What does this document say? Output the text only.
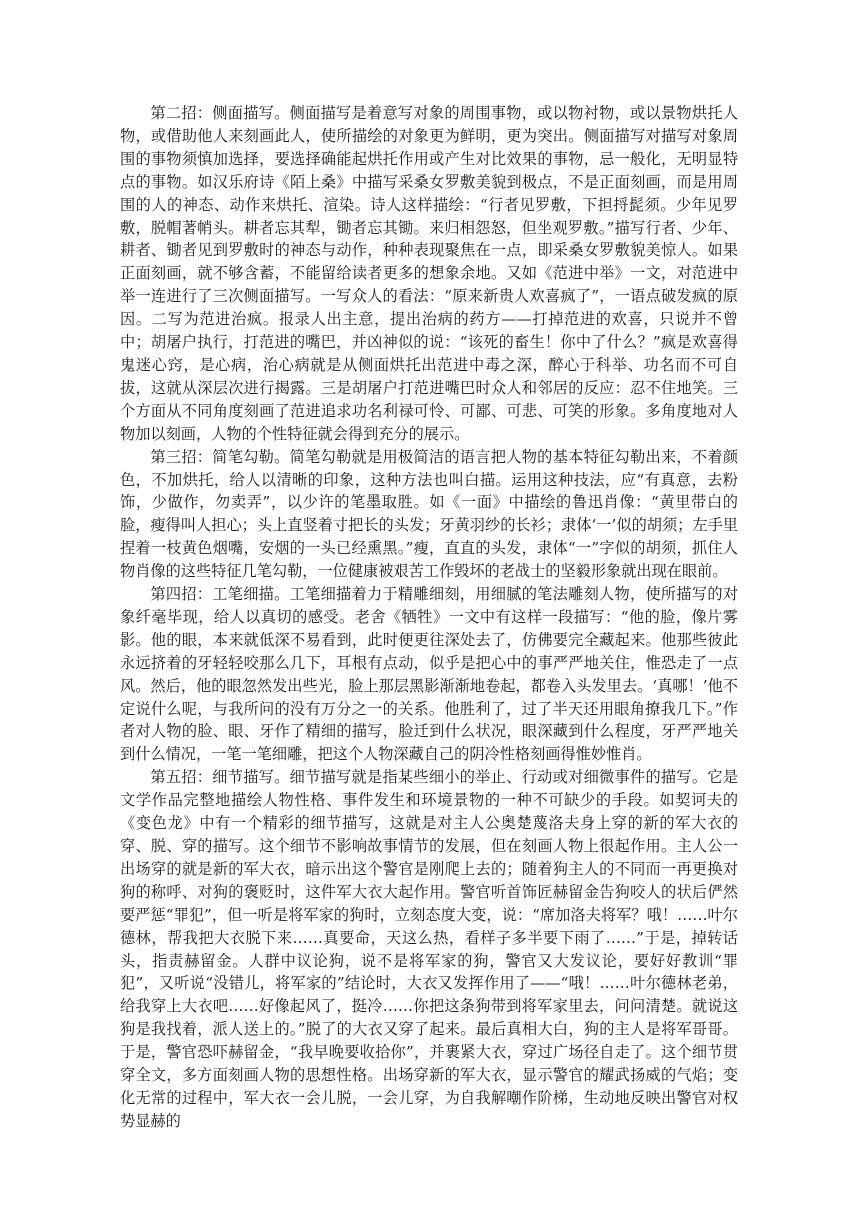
第二招：侧面描写。侧面描写是着意写对象的周围事物，或以物衬物，或以景物烘托人物，或借助他人来刻画此人，使所描绘的对象更为鲜明，更为突出。侧面描写对描写对象周围的事物须慎加选择，要选择确能起烘托作用或产生对比效果的事物，忌一般化，无明显特点的事物。如汉乐府诗《陌上桑》中描写采桑女罗敷美貌到极点，不是正面刻画，而是用周围的人的神态、动作来烘托、渲染。诗人这样描绘：“行者见罗敷，下担捋髭须。少年见罗敷，脱帽著帩头。耕者忘其犁，锄者忘其锄。来归相怨怒，但坐观罗敷。”描写行者、少年、耕者、锄者见到罗敷时的神态与动作，种种表现聚焦在一点，即采桑女罗敷貌美惊人。如果正面刻画，就不够含蓄，不能留给读者更多的想象余地。又如《范进中举》一文，对范进中举一连进行了三次侧面描写。一写众人的看法：“原来新贵人欢喜疯了”，一语点破发疯的原因。二写为范进治疯。报录人出主意，提出治病的药方——打掉范进的欢喜，只说并不曾中；胡屠户执行，打范进的嘴巴，并凶神似的说：“该死的畜生！你中了什么？”疯是欢喜得鬼迷心窍，是心病，治心病就是从侧面烘托出范进中毒之深，醉心于科举、功名而不可自拔，这就从深层次进行揭露。三是胡屠户打范进嘴巴时众人和邻居的反应：忍不住地笑。三个方面从不同角度刻画了范进追求功名利禄可怜、可鄙、可悲、可笑的形象。多角度地对人物加以刻画，人物的个性特征就会得到充分的展示。

第三招：简笔勾勒。简笔勾勒就是用极简洁的语言把人物的基本特征勾勒出来，不着颜色，不加烘托，给人以清晰的印象，这种方法也叫白描。运用这种技法，应“有真意，去粉饰，少做作，勿卖弄”，以少许的笔墨取胜。如《一面》中描绘的鲁迅肖像：“黄里带白的脸，瘦得叫人担心；头上直竖着寸把长的头发；牙黄羽纱的长衫；隶体‘一’似的胡须；左手里捏着一枝黄色烟嘴，安烟的一头已经熏黑。”瘦，直直的头发，隶体“一”字似的胡须，抓住人物肖像的这些特征几笔勾勒，一位健康被艰苦工作毁坏的老战士的坚毅形象就出现在眼前。

第四招：工笔细描。工笔细描着力于精雕细刻，用细腻的笔法雕刻人物，使所描写的对象纤毫毕现，给人以真切的感受。老舍《牺牲》一文中有这样一段描写：“他的脸，像片雾影。他的眼，本来就低深不易看到，此时便更往深处去了，仿佛要完全藏起来。他那些彼此永远挤着的牙轻轻咬那么几下，耳根有点动，似乎是把心中的事严严地关住，惟恐走了一点风。然后，他的眼忽然发出些光，脸上那层黑影渐渐地卷起，都卷入头发里去。‘真哪！’他不定说什么呢，与我所问的没有万分之一的关系。他胜利了，过了半天还用眼角撩我几下。”作者对人物的脸、眼、牙作了精细的描写，脸迁到什么状况，眼深藏到什么程度，牙严严地关到什么情况，一笔一笔细雕，把这个人物深藏自己的阴冷性格刻画得惟妙惟肖。

第五招：细节描写。细节描写就是指某些细小的举止、行动或对细微事件的描写。它是文学作品完整地描绘人物性格、事件发生和环境景物的一种不可缺少的手段。如契诃夫的《变色龙》中有一个精彩的细节描写，这就是对主人公奥楚蔑洛夫身上穿的新的军大衣的穿、脱、穿的描写。这个细节不影响故事情节的发展，但在刻画人物上很起作用。主人公一出场穿的就是新的军大衣，暗示出这个警官是刚爬上去的；随着狗主人的不同而一再更换对狗的称呼、对狗的褒贬时，这件军大衣大起作用。警官听首饰匠赫留金告狗咬人的状后俨然要严惩“罪犯”，但一听是将军家的狗时，立刻态度大变，说：“席加洛夫将军？哦！……叶尔德林，帮我把大衣脱下来……真要命，天这么热，看样子多半要下雨了……”于是，掉转话头，指责赫留金。人群中议论狗，说不是将军家的狗，警官又大发议论，要好好教训“罪犯”，又听说“没错儿，将军家的”结论时，大衣又发挥作用了——“哦！……叶尔德林老弟，给我穿上大衣吧……好像起风了，挺冷……你把这条狗带到将军家里去，问问清楚。就说这狗是我找着，派人送上的。”脱了的大衣又穿了起来。最后真相大白，狗的主人是将军哥哥。于是，警官恐吓赫留金，“我早晚要收拾你”，并裹紧大衣，穿过广场径自走了。这个细节贯穿全文，多方面刻画人物的思想性格。出场穿新的军大衣，显示警官的耀武扬威的气焰；变化无常的过程中，军大衣一会儿脱，一会儿穿，为自我解嘲作阶梯，生动地反映出警官对权势显赫的
